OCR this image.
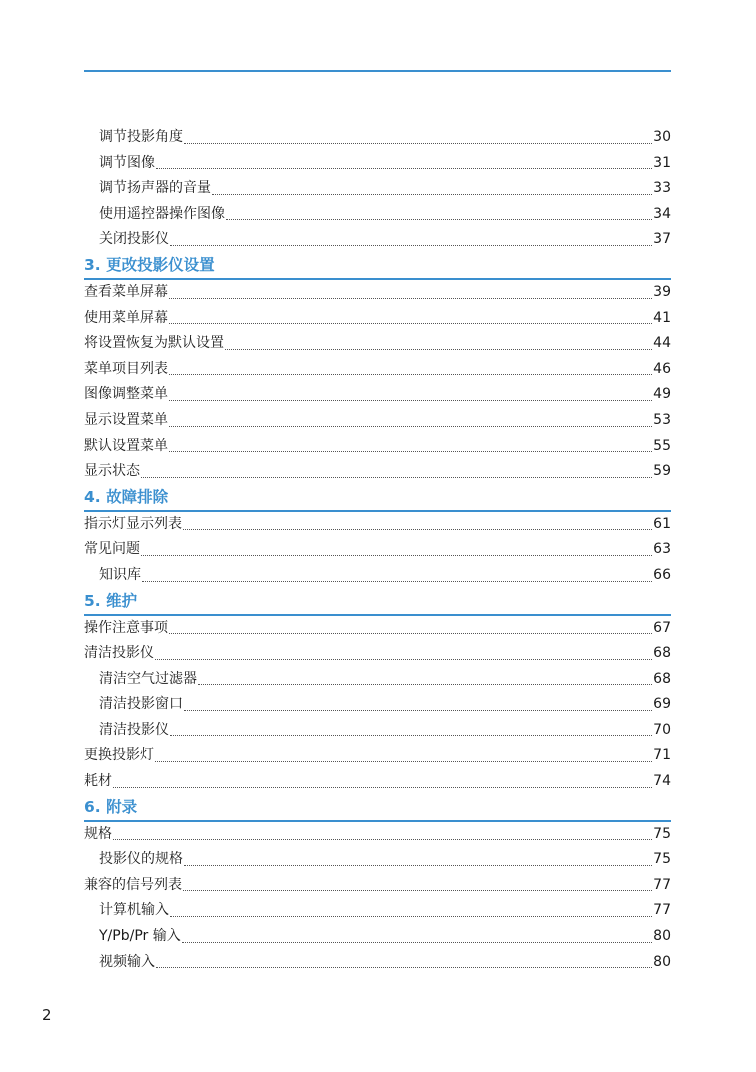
调节投影角度	30
调节图像	31
调节扬声器的音量	33
使用遥控器操作图像	34
关闭投影仪	37
3. 更改投影仪设置
查看菜单屏幕	39
使用菜单屏幕	41
将设置恢复为默认设置	44
菜单项目列表	46
图像调整菜单	49
显示设置菜单	53
默认设置菜单	55
显示状态	59
4. 故障排除
指示灯显示列表	61
常见问题	63
知识库	66
5. 维护
操作注意事项	67
清洁投影仪	68
清洁空气过滤器	68
清洁投影窗口	69
清洁投影仪	70
更换投影灯	71
耗材	74
6. 附录
规格	75
投影仪的规格	75
兼容的信号列表	77
计算机输入	77
Y/Pb/Pr 输入	80
视频输入	80
2
